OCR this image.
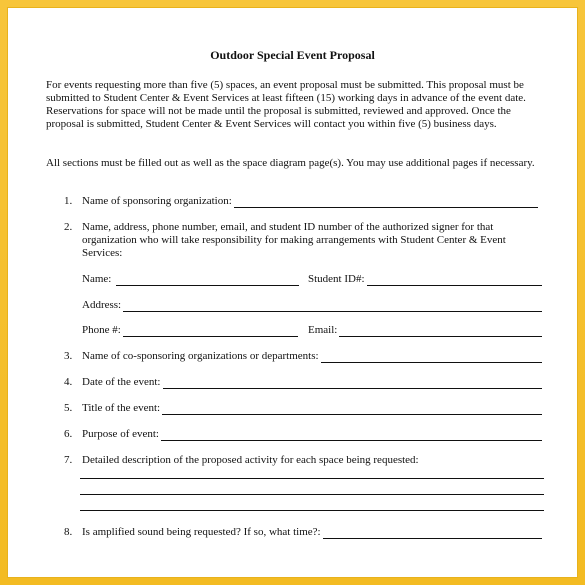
Outdoor Special Event Proposal

For events requesting more than five (5) spaces, an event proposal must be submitted. This proposal must be submitted to Student Center & Event Services at least fifteen (15) working days in advance of the event date. Reservations for space will not be made until the proposal is submitted, reviewed and approved. Once the proposal is submitted, Student Center & Event Services will contact you within five (5) business days.

All sections must be filled out as well as the space diagram page(s). You may use additional pages if necessary.

1. Name of sponsoring organization:
2. Name, address, phone number, email, and student ID number of the authorized signer for that organization who will take responsibility for making arrangements with Student Center & Event Services:
Name:	Student ID#:
Address:
Phone #:	Email:
3. Name of co-sponsoring organizations or departments:
4. Date of the event:
5. Title of the event:
6. Purpose of event:
7. Detailed description of the proposed activity for each space being requested:
8. Is amplified sound being requested? If so, what time?:
